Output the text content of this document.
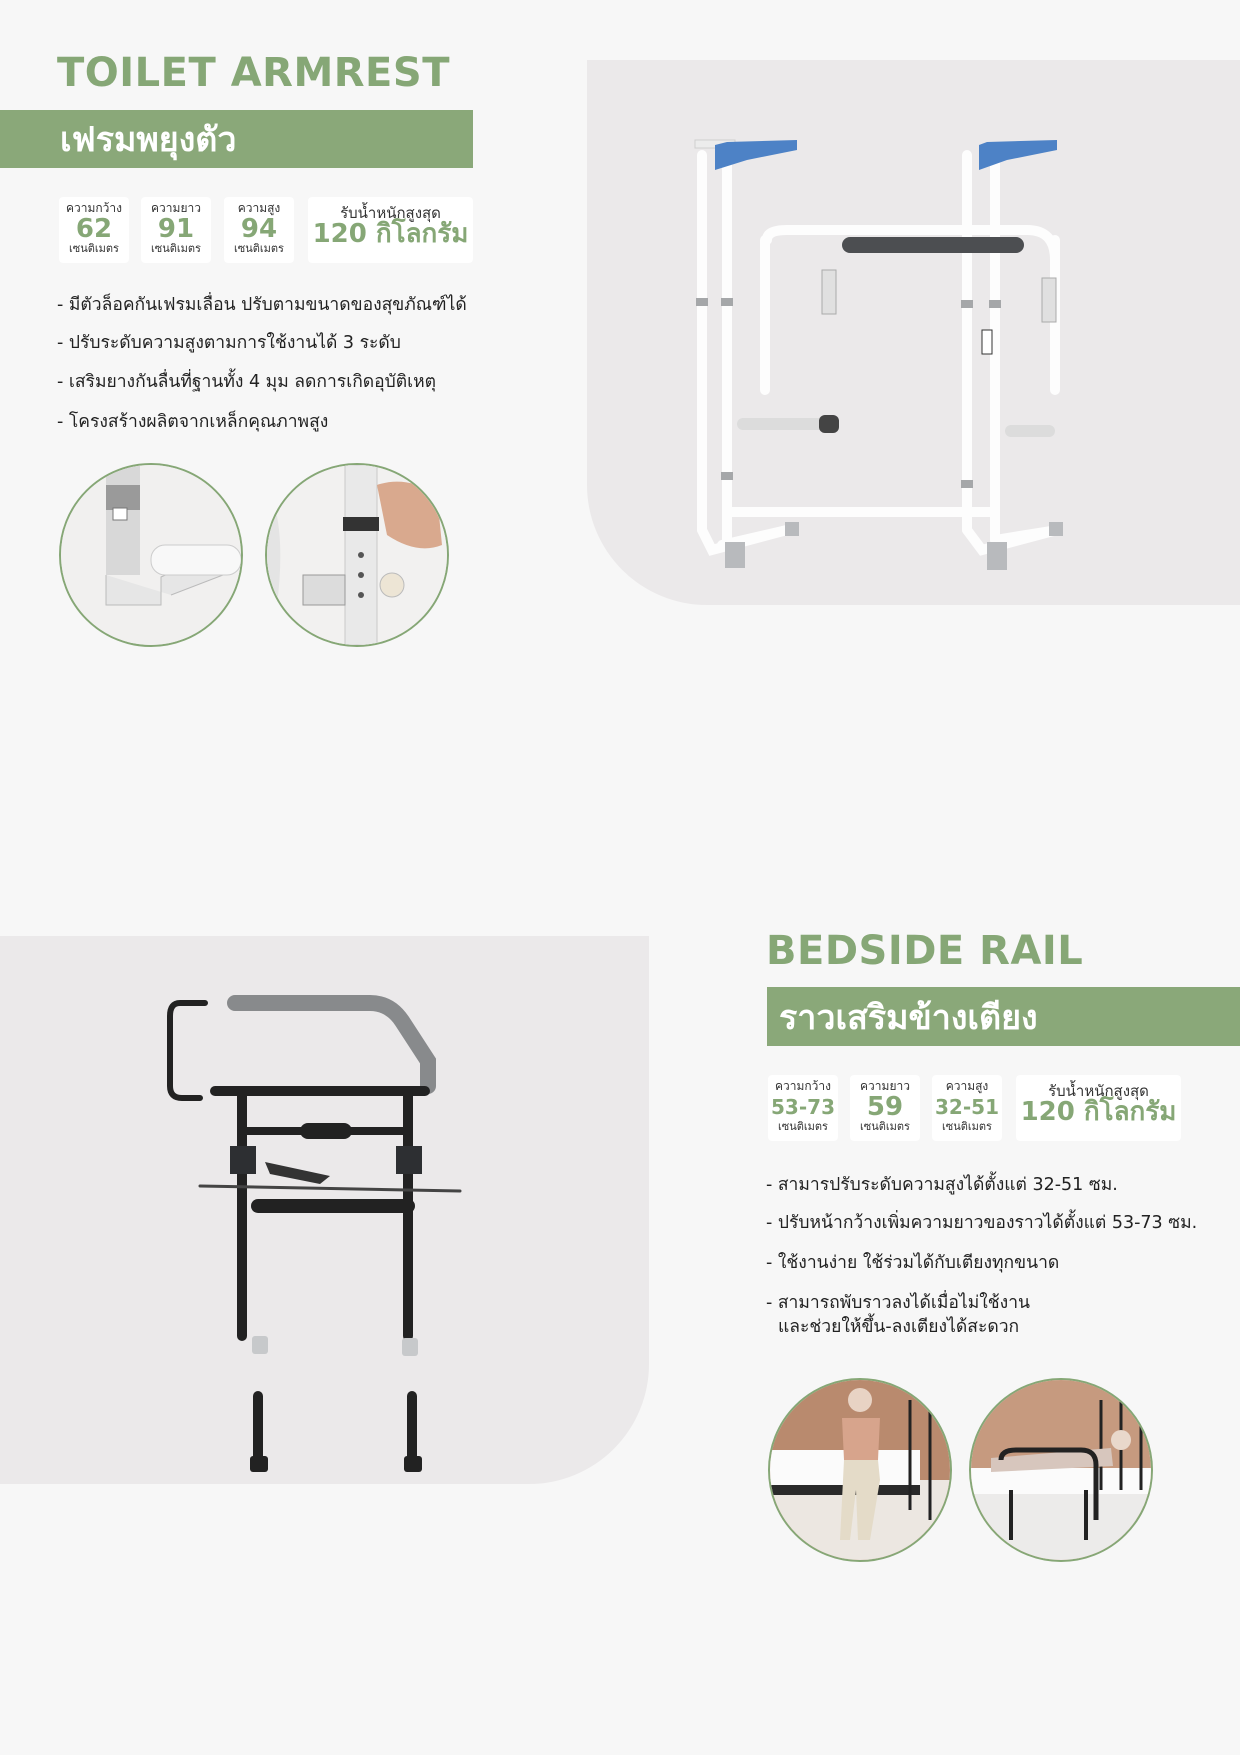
TOILET ARMREST
เฟรมพยุงตัว
ความกว้าง
62
เซนติเมตร
ความยาว
91
เซนติเมตร
ความสูง
94
เซนติเมตร
รับน้ำหนักสูงสุด
120 กิโลกรัม
- มีตัวล็อคกันเฟรมเลื่อน ปรับตามขนาดของสุขภัณฑ์ได้
- ปรับระดับความสูงตามการใช้งานได้ 3 ระดับ
- เสริมยางกันลื่นที่ฐานทั้ง 4 มุม ลดการเกิดอุบัติเหตุ
- โครงสร้างผลิตจากเหล็กคุณภาพสูง
BEDSIDE RAIL
ราวเสริมข้างเตียง
ความกว้าง
53-73
เซนติเมตร
ความยาว
59
เซนติเมตร
ความสูง
32-51
เซนติเมตร
รับน้ำหนักสูงสุด
120 กิโลกรัม
- สามารปรับระดับความสูงได้ตั้งแต่ 32-51 ซม.
- ปรับหน้ากว้างเพิ่มความยาวของราวได้ตั้งแต่ 53-73 ซม.
- ใช้งานง่าย ใช้ร่วมได้กับเตียงทุกขนาด
- สามารถพับราวลงได้เมื่อไม่ใช้งาน
และช่วยให้ขึ้น-ลงเตียงได้สะดวก
